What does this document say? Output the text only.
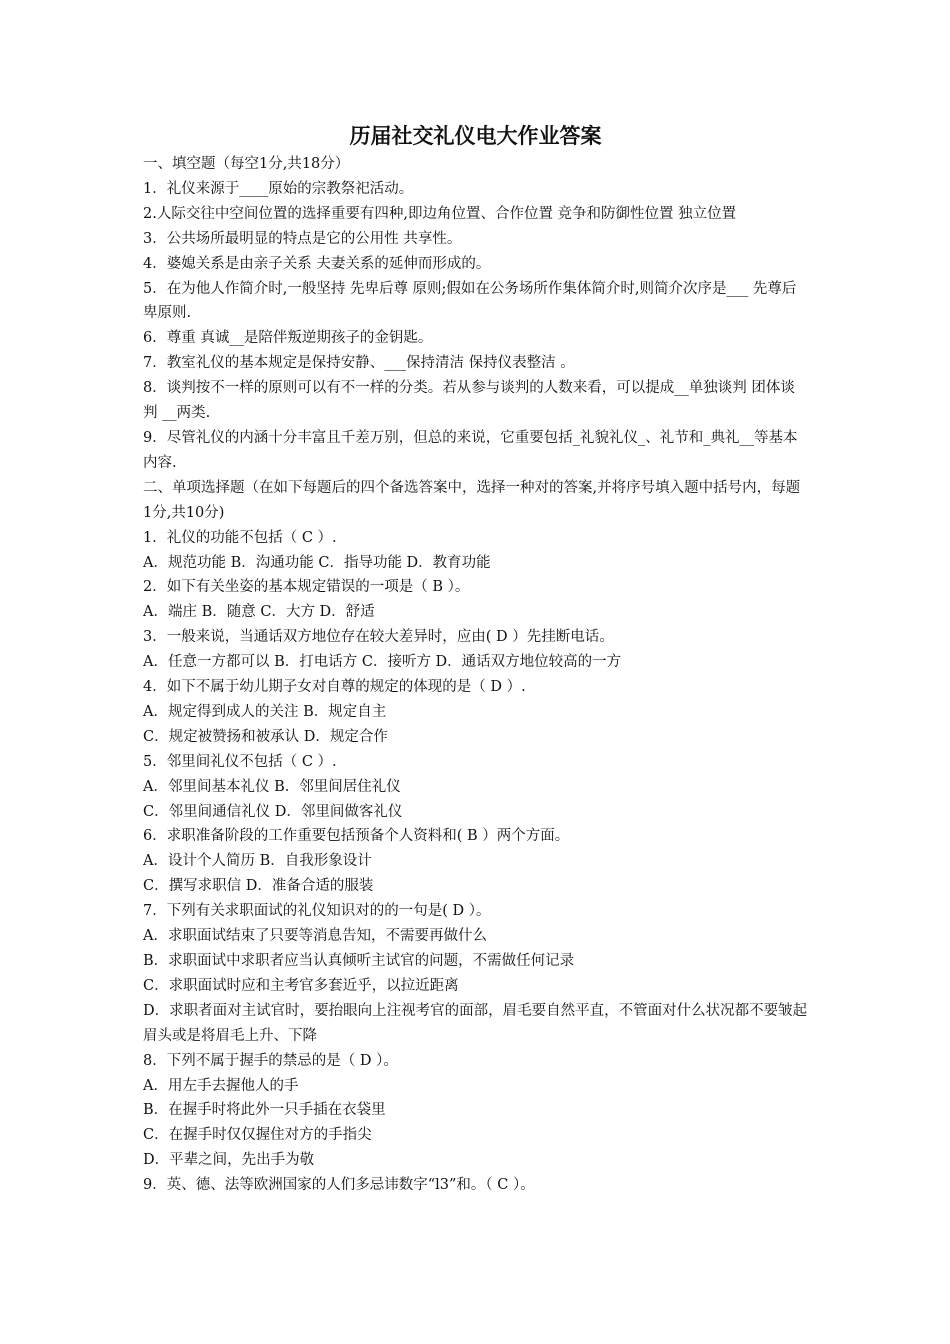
历届社交礼仪电大作业答案

一、填空题（每空1分,共18分）

1．礼仪来源于____原始的宗教祭祀活动。

2.人际交往中空间位置的选择重要有四种,即边角位置、合作位置 竞争和防御性位置 独立位置

3．公共场所最明显的特点是它的公用性 共享性。

4．婆媳关系是由亲子关系 夫妻关系的延伸而形成的。

5．在为他人作简介时,一般坚持 先卑后尊 原则;假如在公务场所作集体简介时,则简介次序是___ 先尊后卑原则.

6．尊重 真诚__是陪伴叛逆期孩子的金钥匙。

7．教室礼仪的基本规定是保持安静、___保持清洁 保持仪表整洁 。

8．谈判按不一样的原则可以有不一样的分类。若从参与谈判的人数来看，可以提成__单独谈判 团体谈判 __两类.

9．尽管礼仪的内涵十分丰富且千差万别，但总的来说，它重要包括_礼貌礼仪_、礼节和_典礼__等基本内容.

二、单项选择题（在如下每题后的四个备选答案中，选择一种对的答案,并将序号填入题中括号内，每题1分,共10分)

1．礼仪的功能不包括（ C ）.

A．规范功能 B．沟通功能 C．指导功能 D．教育功能

2．如下有关坐姿的基本规定错误的一项是（ B ）。

A．端庄 B．随意 C．大方 D．舒适

3．一般来说，当通话双方地位存在较大差异时，应由( D ）先挂断电话。

A．任意一方都可以 B．打电话方 C．接听方 D．通话双方地位较高的一方

4．如下不属于幼儿期子女对自尊的规定的体现的是（ D ）.

A．规定得到成人的关注 B．规定自主

C．规定被赞扬和被承认 D．规定合作

5．邻里间礼仪不包括（ C ）.

A．邻里间基本礼仪 B．邻里间居住礼仪

C．邻里间通信礼仪 D．邻里间做客礼仪

6．求职准备阶段的工作重要包括预备个人资料和( B ）两个方面。

A．设计个人简历 B．自我形象设计

C．撰写求职信 D．准备合适的服装

7．下列有关求职面试的礼仪知识对的的一句是( D ）。

A．求职面试结束了只要等消息告知，不需要再做什么

B．求职面试中求职者应当认真倾听主试官的问题，不需做任何记录

C．求职面试时应和主考官多套近乎，以拉近距离

D．求职者面对主试官时，要抬眼向上注视考官的面部，眉毛要自然平直，不管面对什么状况都不要皱起眉头或是将眉毛上升、下降

8．下列不属于握手的禁忌的是（ D ）。

A．用左手去握他人的手

B．在握手时将此外一只手插在衣袋里

C．在握手时仅仅握住对方的手指尖

D．平辈之间，先出手为敬

9．英、德、法等欧洲国家的人们多忌讳数字“l3”和。（ C ）。
